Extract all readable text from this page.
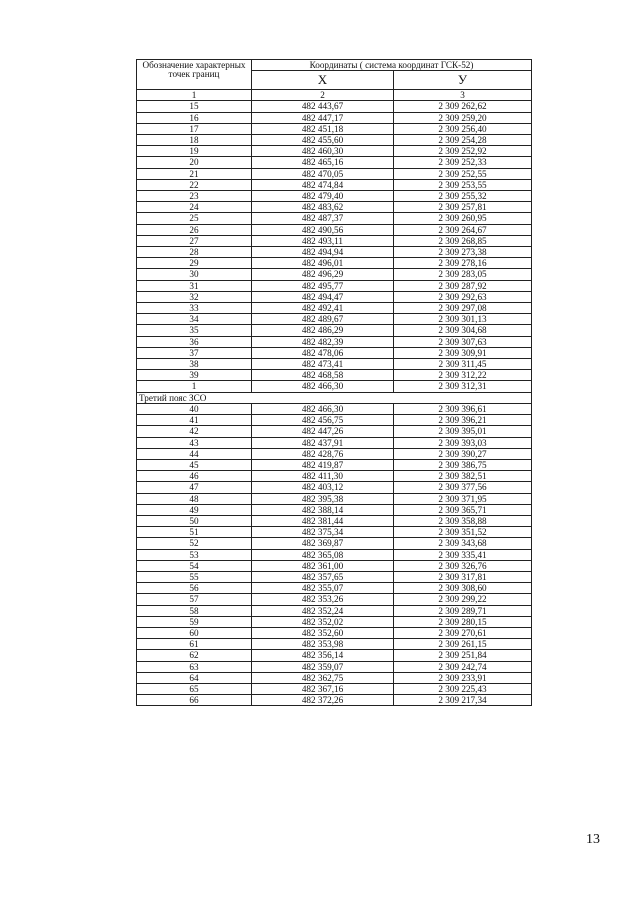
Обозначение характерных точек границ	Координаты ( система координат ГСК-52)	
	X	У
1	2	3
15	482 443,67	2 309 262,62
16	482 447,17	2 309 259,20
17	482 451,18	2 309 256,40
18	482 455,60	2 309 254,28
19	482 460,30	2 309 252,92
20	482 465,16	2 309 252,33
21	482 470,05	2 309 252,55
22	482 474,84	2 309 253,55
23	482 479,40	2 309 255,32
24	482 483,62	2 309 257,81
25	482 487,37	2 309 260,95
26	482 490,56	2 309 264,67
27	482 493,11	2 309 268,85
28	482 494,94	2 309 273,38
29	482 496,01	2 309 278,16
30	482 496,29	2 309 283,05
31	482 495,77	2 309 287,92
32	482 494,47	2 309 292,63
33	482 492,41	2 309 297,08
34	482 489,67	2 309 301,13
35	482 486,29	2 309 304,68
36	482 482,39	2 309 307,63
37	482 478,06	2 309 309,91
38	482 473,41	2 309 311,45
39	482 468,58	2 309 312,22
1	482 466,30	2 309 312,31
Третий пояс ЗСО		
40	482 466,30	2 309 396,61
41	482 456,75	2 309 396,21
42	482 447,26	2 309 395,01
43	482 437,91	2 309 393,03
44	482 428,76	2 309 390,27
45	482 419,87	2 309 386,75
46	482 411,30	2 309 382,51
47	482 403,12	2 309 377,56
48	482 395,38	2 309 371,95
49	482 388,14	2 309 365,71
50	482 381,44	2 309 358,88
51	482 375,34	2 309 351,52
52	482 369,87	2 309 343,68
53	482 365,08	2 309 335,41
54	482 361,00	2 309 326,76
55	482 357,65	2 309 317,81
56	482 355,07	2 309 308,60
57	482 353,26	2 309 299,22
58	482 352,24	2 309 289,71
59	482 352,02	2 309 280,15
60	482 352,60	2 309 270,61
61	482 353,98	2 309 261,15
62	482 356,14	2 309 251,84
63	482 359,07	2 309 242,74
64	482 362,75	2 309 233,91
65	482 367,16	2 309 225,43
66	482 372,26	2 309 217,34
13
